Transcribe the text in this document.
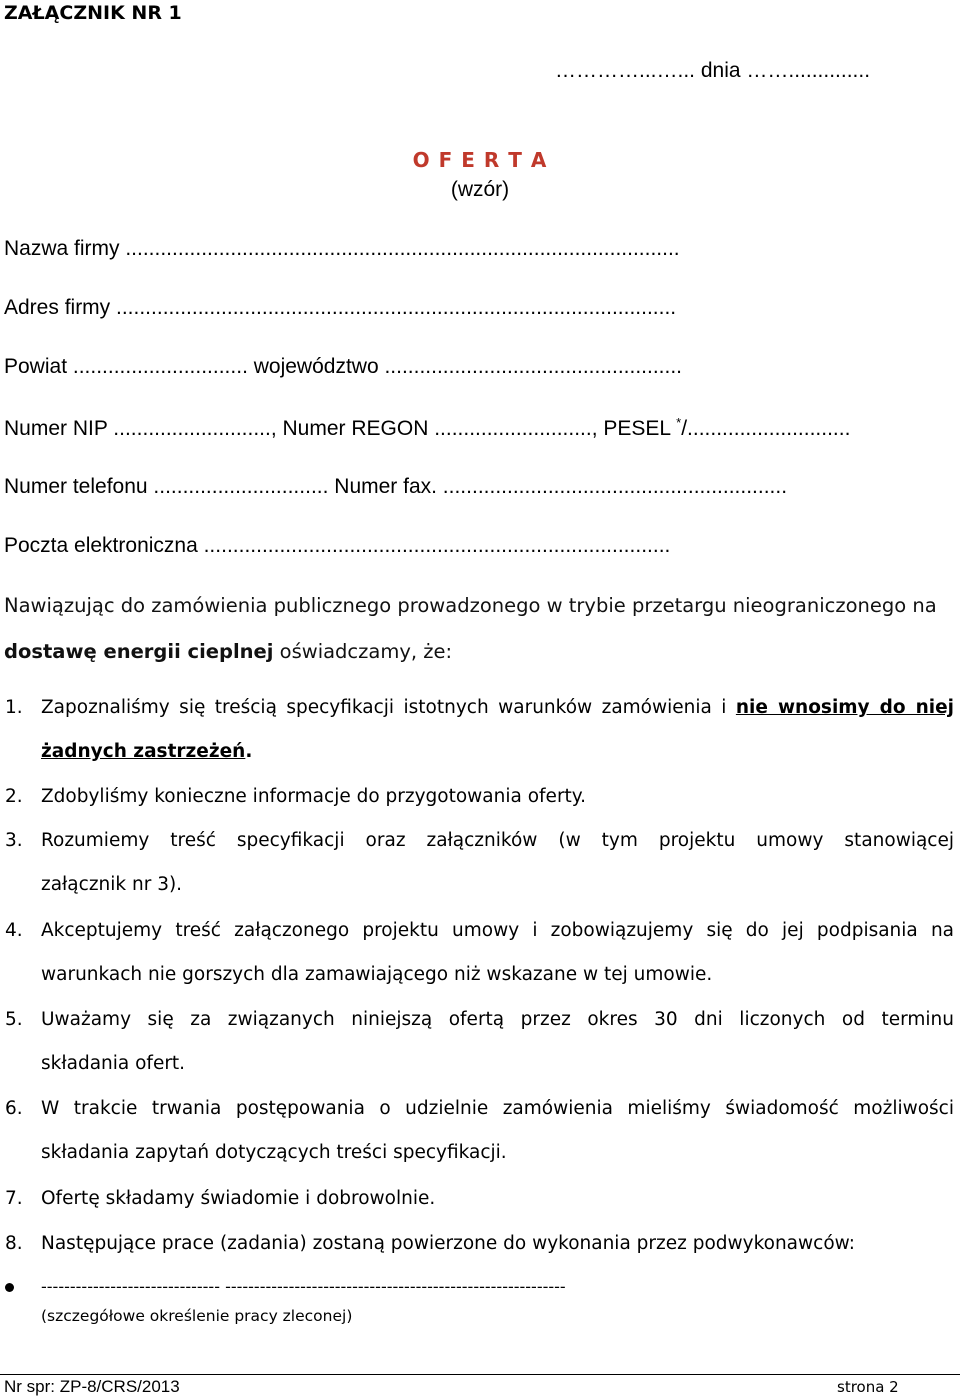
ZAŁĄCZNIK NR 1
…………...…... dnia ……..............
O F E R T A
(wzór)
Nazwa firmy ...............................................................................................
Adres firmy ................................................................................................
Powiat .............................. województwo ...................................................
Numer NIP ..........................., Numer REGON ..........................., PESEL */............................
Numer telefonu .............................. Numer fax. ...........................................................
Poczta elektroniczna ................................................................................
Nawiązując do zamówienia publicznego prowadzonego w trybie przetargu nieograniczonego na
dostawę energii cieplnej oświadczamy, że:
1. Zapoznaliśmy się treścią specyfikacji istotnych warunków zamówienia i nie wnosimy do niej
żadnych zastrzeżeń.
2. Zdobyliśmy konieczne informacje do przygotowania oferty.
3. Rozumiemy treść specyfikacji oraz załączników (w tym projektu umowy stanowiącej
załącznik nr 3).
4. Akceptujemy treść załączonego projektu umowy i zobowiązujemy się do jej podpisania na
warunkach nie gorszych dla zamawiającego niż wskazane w tej umowie.
5. Uważamy się za związanych niniejszą ofertą przez okres 30 dni liczonych od terminu
składania ofert.
6. W trakcie trwania postępowania o udzielnie zamówienia mieliśmy świadomość możliwości
składania zapytań dotyczących treści specyfikacji.
7. Ofertę składamy świadomie i dobrowolnie.
8. Następujące prace (zadania) zostaną powierzone do wykonania przez podwykonawców:
------------------------------- -----------------------------------------------------------
(szczegółowe określenie pracy zleconej)
Nr spr: ZP-8/CRS/2013	strona 2
